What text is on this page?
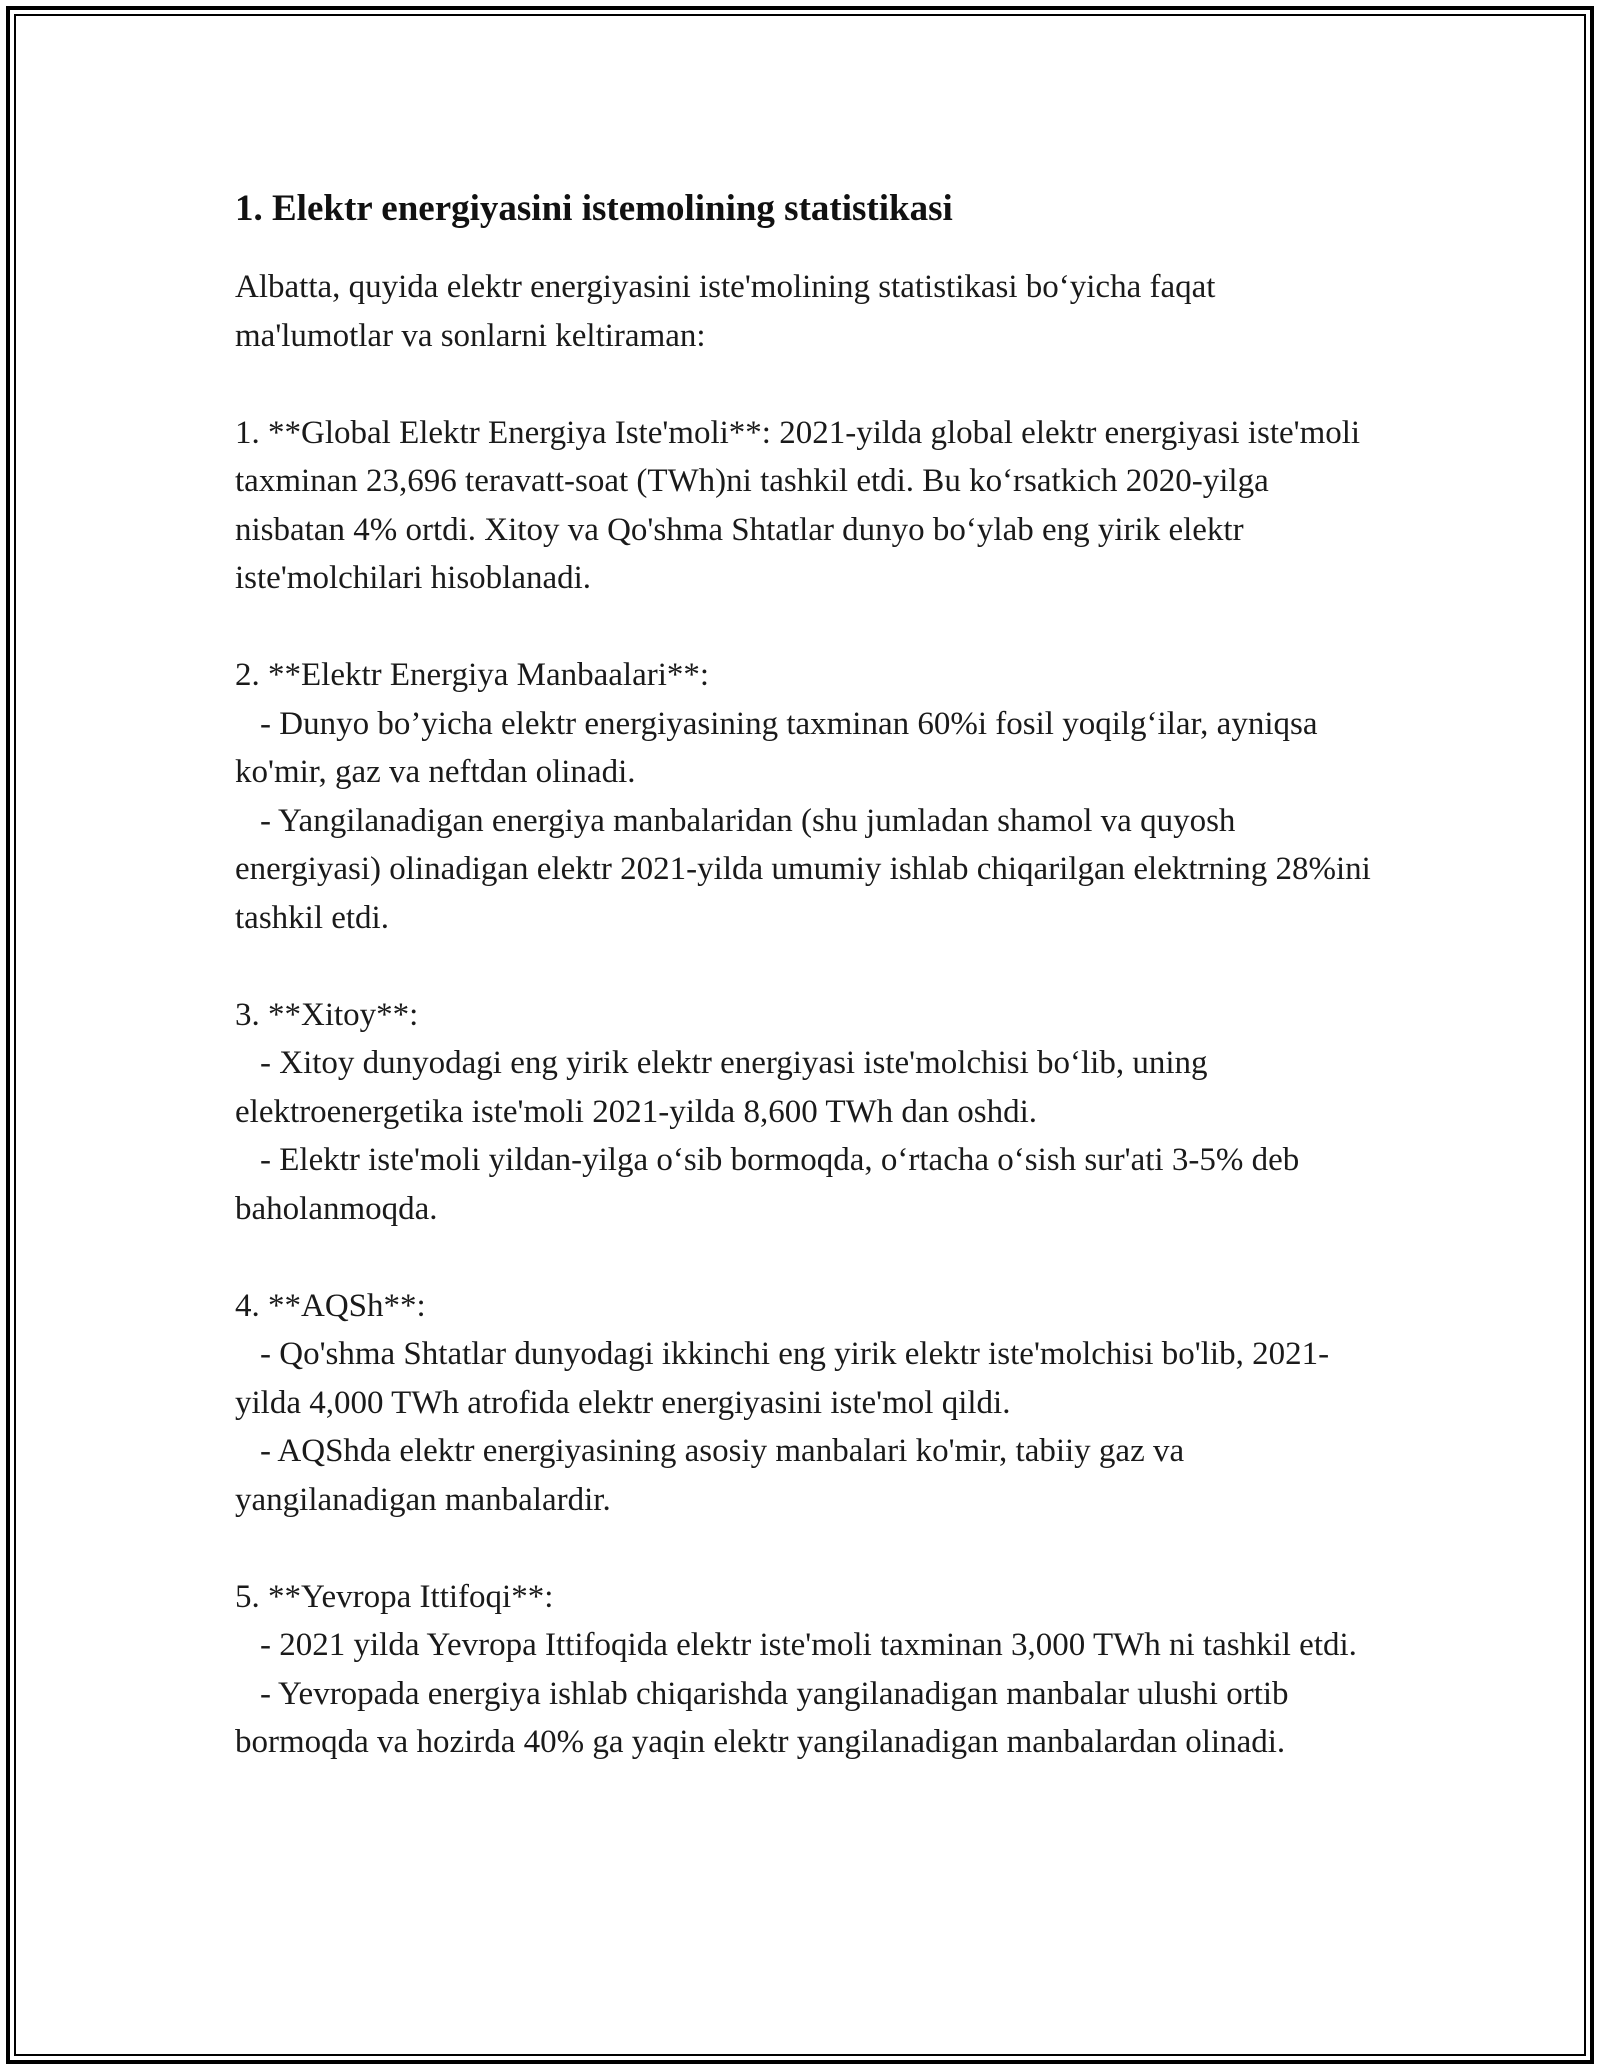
1. Elektr energiyasini istemolining statistikasi

Albatta, quyida elektr energiyasini iste'molining statistikasi bo‘yicha faqat ma'lumotlar va sonlarni keltiraman:

1. **Global Elektr Energiya Iste'moli**: 2021-yilda global elektr energiyasi iste'moli taxminan 23,696 teravatt-soat (TWh)ni tashkil etdi. Bu ko‘rsatkich 2020-yilga nisbatan 4% ortdi. Xitoy va Qo'shma Shtatlar dunyo bo‘ylab eng yirik elektr iste'molchilari hisoblanadi.
2. **Elektr Energiya Manbaalari**:
- Dunyo bo’yicha elektr energiyasining taxminan 60%i fosil yoqilg‘ilar, ayniqsa ko'mir, gaz va neftdan olinadi.
- Yangilanadigan energiya manbalaridan (shu jumladan shamol va quyosh energiyasi) olinadigan elektr 2021-yilda umumiy ishlab chiqarilgan elektrning 28%ini tashkil etdi.
3. **Xitoy**:
- Xitoy dunyodagi eng yirik elektr energiyasi iste'molchisi bo‘lib, uning elektroenergetika iste'moli 2021-yilda 8,600 TWh dan oshdi.
- Elektr iste'moli yildan-yilga o‘sib bormoqda, o‘rtacha o‘sish sur'ati 3-5% deb baholanmoqda.
4. **AQSh**:
- Qo'shma Shtatlar dunyodagi ikkinchi eng yirik elektr iste'molchisi bo'lib, 2021-yilda 4,000 TWh atrofida elektr energiyasini iste'mol qildi.
- AQShda elektr energiyasining asosiy manbalari ko'mir, tabiiy gaz va yangilanadigan manbalardir.
5. **Yevropa Ittifoqi**:
- 2021 yilda Yevropa Ittifoqida elektr iste'moli taxminan 3,000 TWh ni tashkil etdi.
- Yevropada energiya ishlab chiqarishda yangilanadigan manbalar ulushi ortib bormoqda va hozirda 40% ga yaqin elektr yangilanadigan manbalardan olinadi.
